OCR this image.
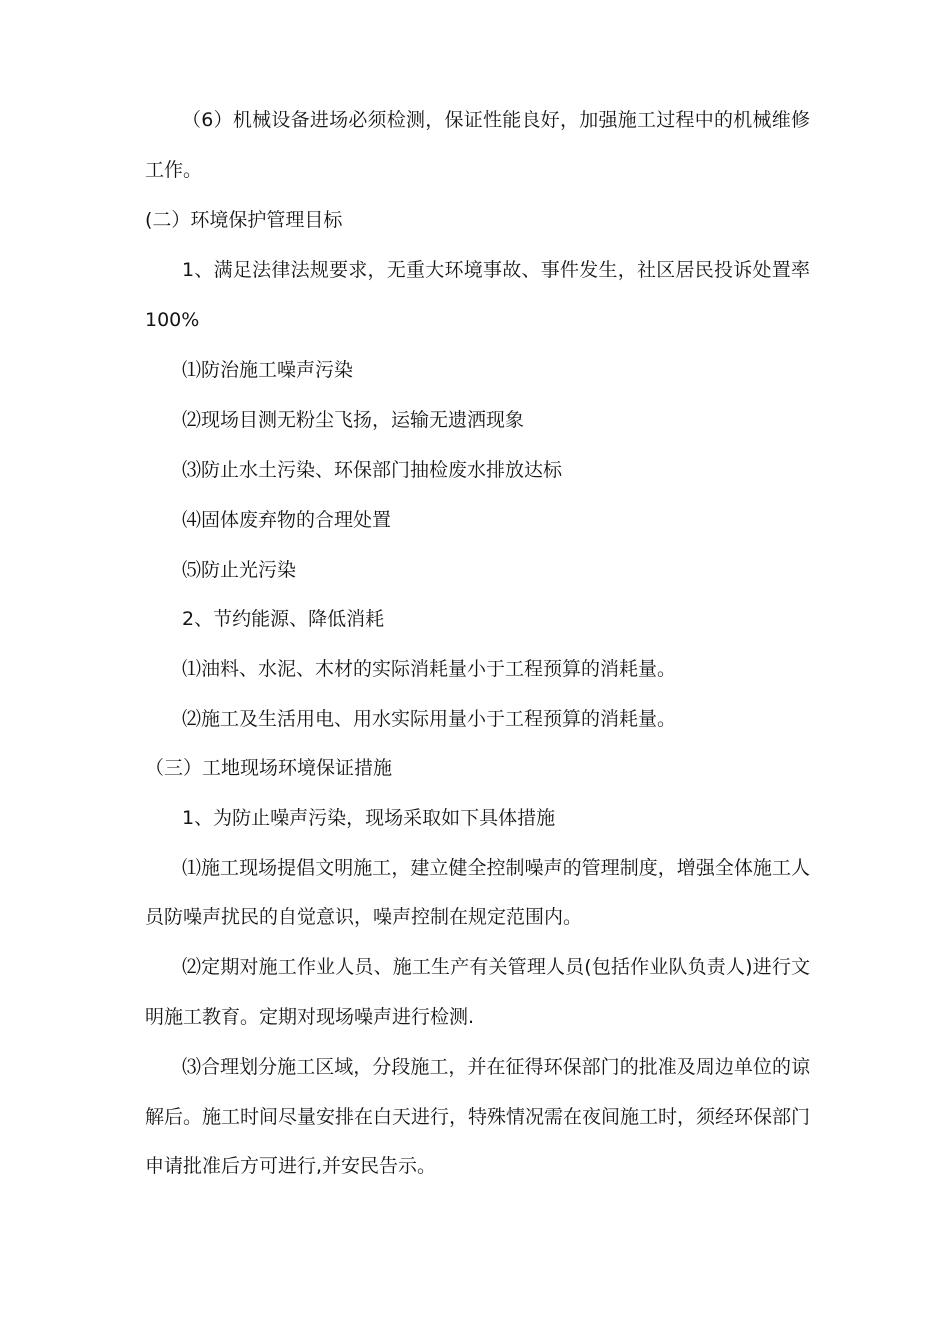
（6）机械设备进场必须检测，保证性能良好，加强施工过程中的机械维修
工作。
(二）环境保护管理目标
1、满足法律法规要求，无重大环境事故、事件发生，社区居民投诉处置率
100%
⑴防治施工噪声污染
⑵现场目测无粉尘飞扬，运输无遗洒现象
⑶防止水土污染、环保部门抽检废水排放达标
⑷固体废弃物的合理处置
⑸防止光污染
2、节约能源、降低消耗
⑴油料、水泥、木材的实际消耗量小于工程预算的消耗量。
⑵施工及生活用电、用水实际用量小于工程预算的消耗量。
（三）工地现场环境保证措施
1、为防止噪声污染，现场采取如下具体措施
⑴施工现场提倡文明施工，建立健全控制噪声的管理制度，增强全体施工人
员防噪声扰民的自觉意识，噪声控制在规定范围内。
⑵定期对施工作业人员、施工生产有关管理人员(包括作业队负责人)进行文
明施工教育。定期对现场噪声进行检测.
⑶合理划分施工区域，分段施工，并在征得环保部门的批准及周边单位的谅
解后。施工时间尽量安排在白天进行，特殊情况需在夜间施工时，须经环保部门
申请批准后方可进行,并安民告示。
